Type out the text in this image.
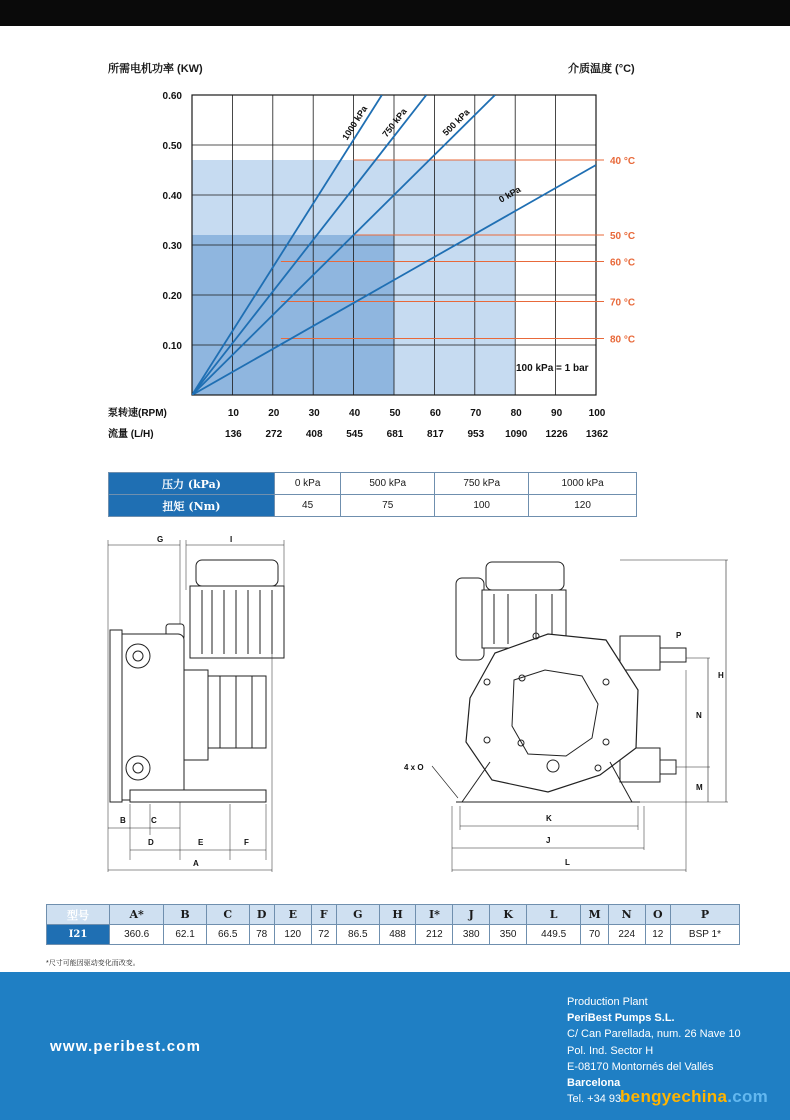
所需电机功率 (KW)	介质温度 (°C)
40 °C
50 °C
60 °C
70 °C
80 °C
0 kPa
500 kPa
750 kPa
1000 kPa
100 kPa = 1 bar
0.60
0.50
0.40
0.30
0.20
0.10
泵转速(RPM)
流量 (L/H)
10	20	30	40	50	60	70	80	90	100
136 272 408 545 681 817 953 1090 1226 1362
压力 (kPa)	0 kPa	500 kPa	750 kPa	1000 kPa
扭矩 (Nm)	45	75	100	120
G	I
B	C
D	E	F
A
P
H
N
M
K
J
L
4 x O
型号	A*	B	C	D	E	F	G	H	I*	J	K	L	M	N	O	P
I21	360.6	62.1	66.5	78	120	72	86.5	488	212	380	350	449.5	70	224	12	BSP 1*
*尺寸可能因驱动变化而改变。
www.peribest.com
Production Plant
PeriBest Pumps S.L.
C/ Can Parellada, num. 26 Nave 10
Pol. Ind. Sector H
E-08170 Montornés del Vallés
Barcelona
Tel. +34 93
bengyechina.com
